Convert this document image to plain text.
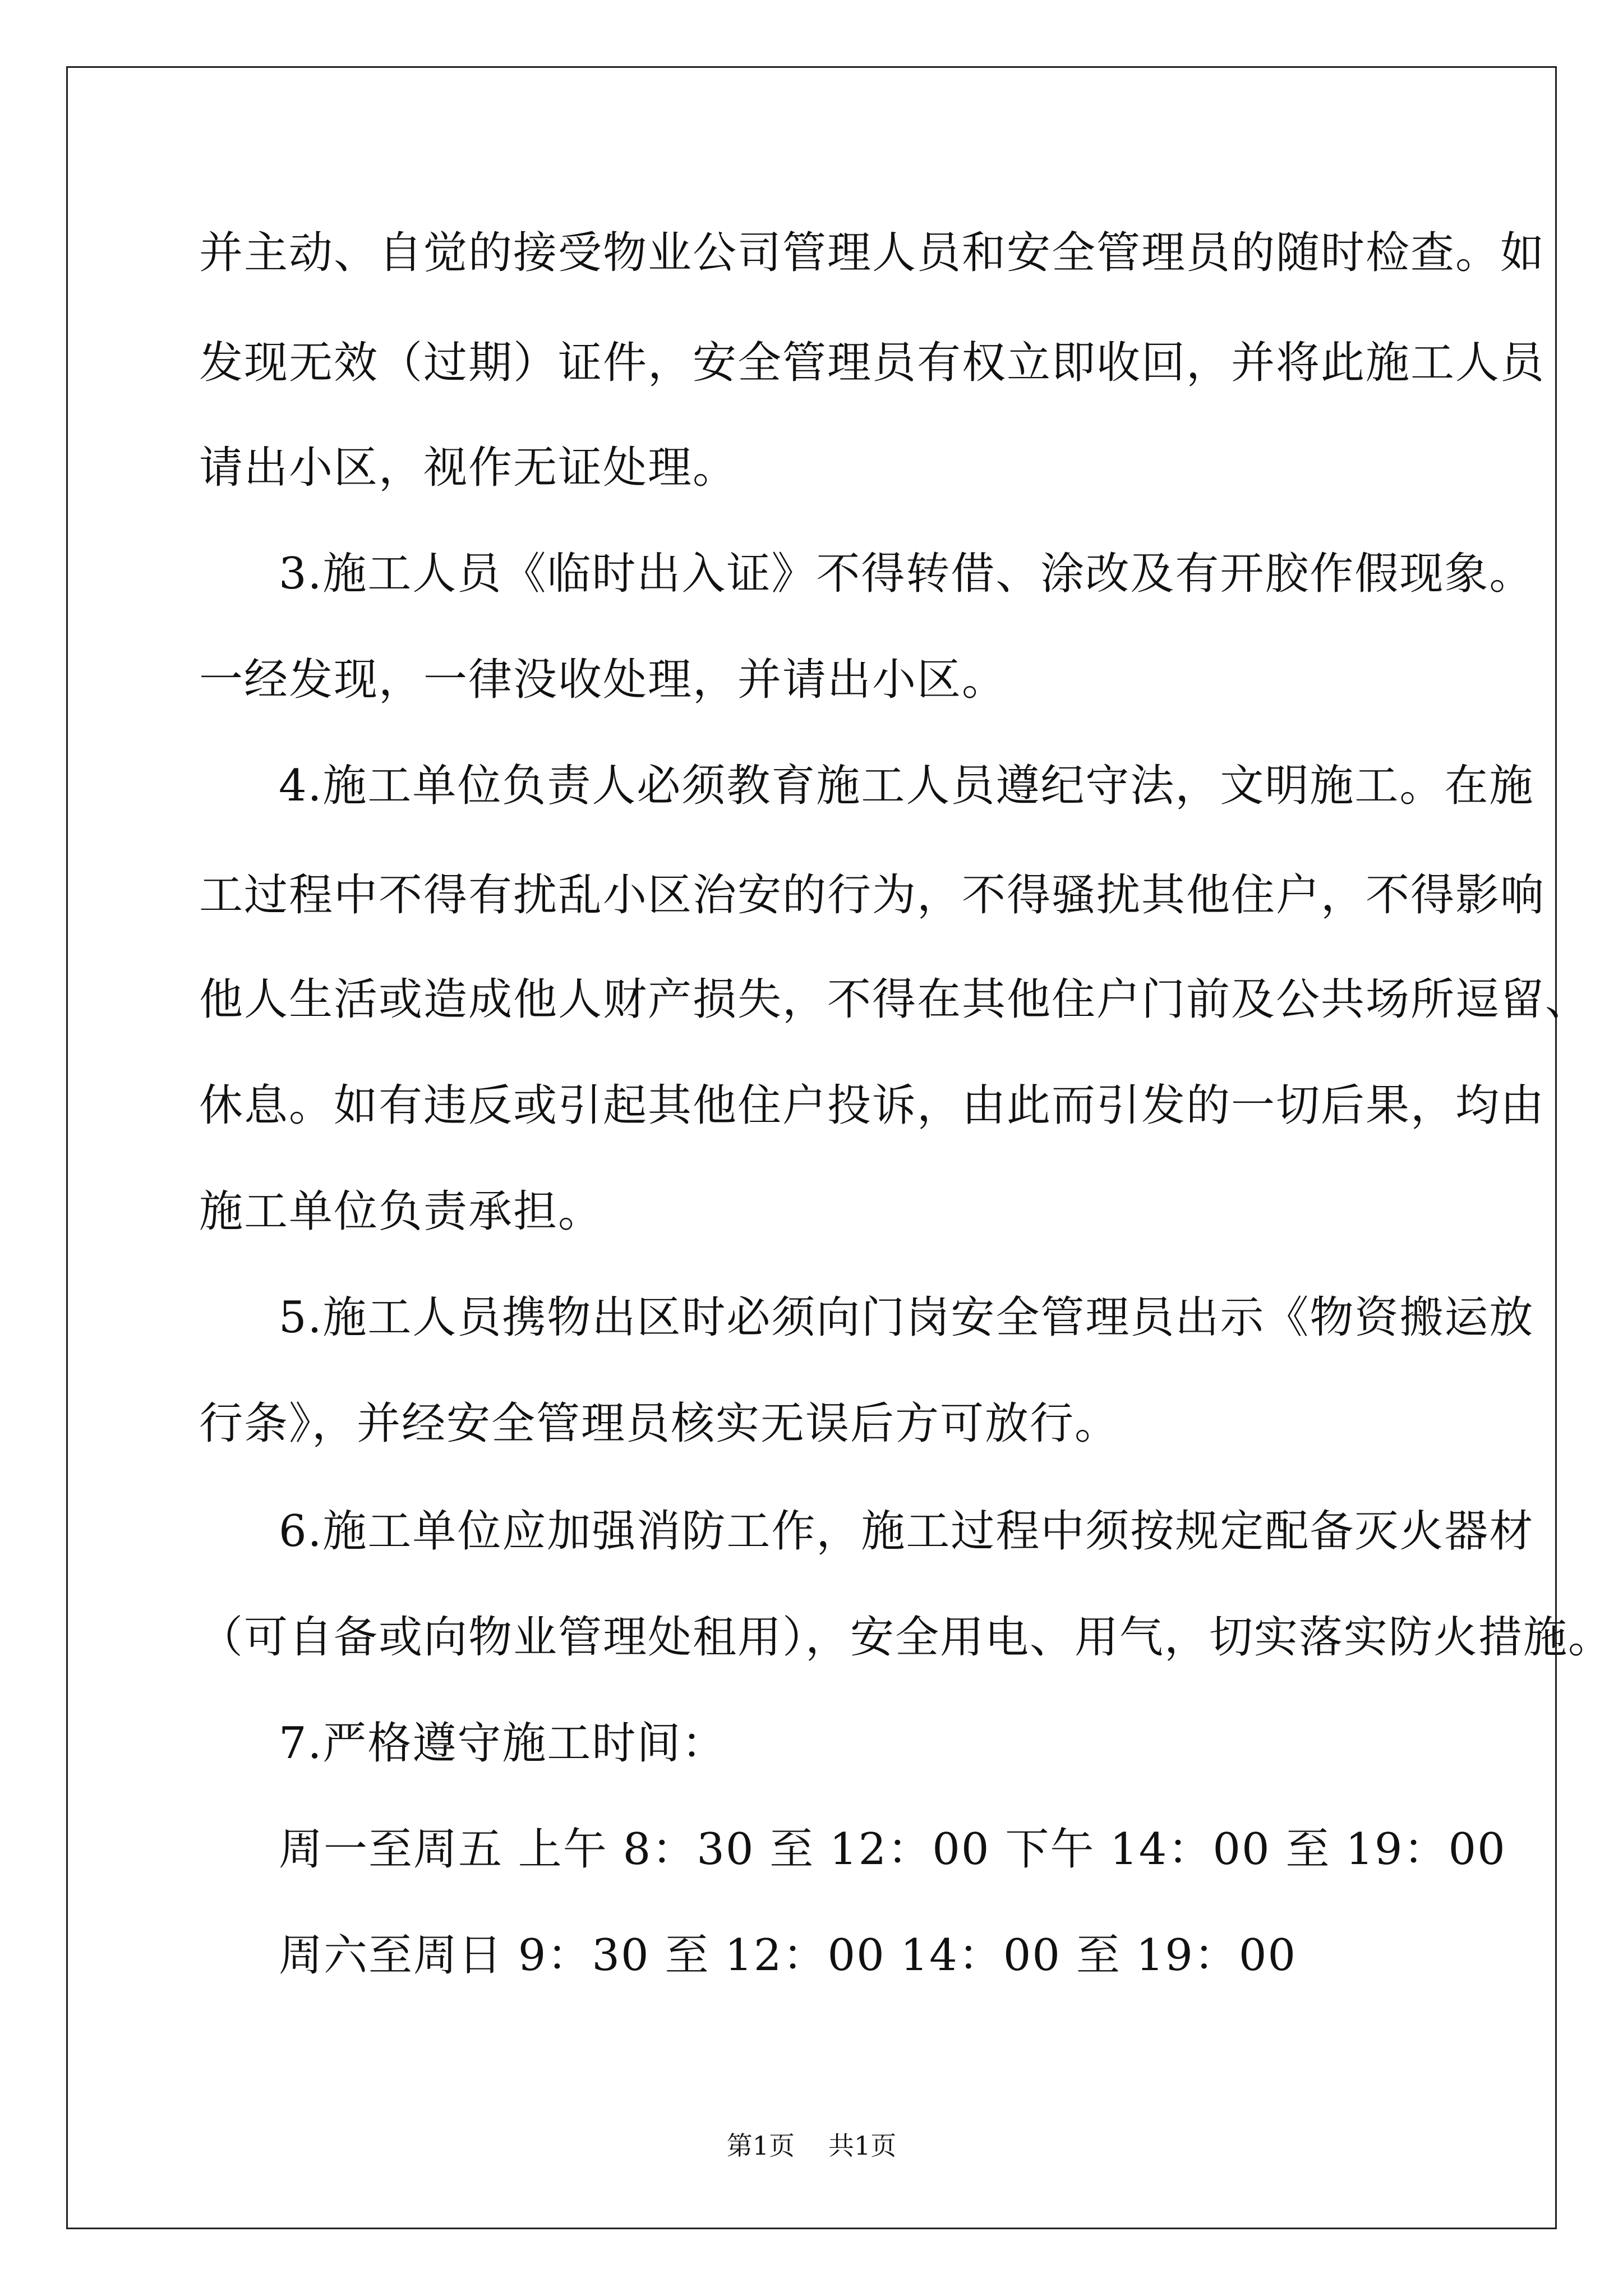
并主动、自觉的接受物业公司管理人员和安全管理员的随时检查。如
发现无效（过期）证件，安全管理员有权立即收回，并将此施工人员
请出小区，视作无证处理。
3.施工人员《临时出入证》不得转借、涂改及有开胶作假现象。
一经发现，一律没收处理，并请出小区。
4.施工单位负责人必须教育施工人员遵纪守法，文明施工。在施
工过程中不得有扰乱小区治安的行为，不得骚扰其他住户，不得影响
他人生活或造成他人财产损失，不得在其他住户门前及公共场所逗留、
休息。如有违反或引起其他住户投诉，由此而引发的一切后果，均由
施工单位负责承担。
5.施工人员携物出区时必须向门岗安全管理员出示《物资搬运放
行条》，并经安全管理员核实无误后方可放行。
6.施工单位应加强消防工作，施工过程中须按规定配备灭火器材
（可自备或向物业管理处租用），安全用电、用气，切实落实防火措施。
7.严格遵守施工时间：
周一至周五 上午 8：30 至 12：00 下午 14：00 至 19：00
周六至周日 9：30 至 12：00 14：00 至 19：00
第1页 共1页
